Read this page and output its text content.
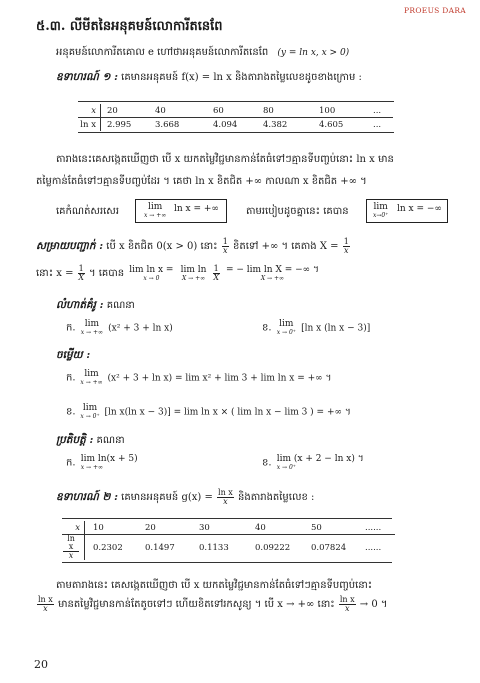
PROEUS DARA
៥.៣. លីមីតនៃអនុគមន៍លោការីតនេពែ
អនុគមន៍លោការីតគោល e ហៅថាអនុគមន៍លោការីតនេពែ (y = ln x, x > 0)
ឧទាហរណ៍ ១ : គេមានអនុគមន៍ f(x) = ln x និងតារាងតម្លៃលេខដូចខាងក្រោម :
x	20	40	60	80	100	...
ln x	2.995	3.668	4.094	4.382	4.605	...
តារាងនេះគេសង្កេតឃើញថា បើ x យកតម្លៃវិជ្ជមានកាន់តែធំទៅៗគ្មានទីបញ្ចប់នោះ ln x មាន
តម្លៃកាន់តែធំទៅៗគ្មានទីបញ្ចប់ដែរ ។ គេថា ln x ខិតជិត +∞ កាលណា x ខិតជិត +∞ ។
គេកំណត់សរសេរ	lim
x → +∞
ln x = +∞	តាមរបៀបដូចគ្នានេះ គេបាន	lim
x→0⁺
ln x = −∞
សម្រាយបញ្ជាក់ : បើ x ខិតជិត 0(x > 0) នោះ $\frac{1}{x}$ ខិតទៅ +∞ ។ គេតាង $X = \frac{1}{x}$
នោះ $x = \frac{1}{X}$ ។ គេបាន lim ln x =
x → 0

lim ln
X → +∞
$\frac{1}{X}$
= − lim ln X = −∞ ។
X → +∞
លំហាត់គំរូ : គណនា
ក.	lim
x → +∞ (x² + 3 + ln x)	ខ. lim
x → 0⁺ [ln x (ln x − 3)]
ចម្លើយ :
ក. lim
x → +∞ (x² + 3 + ln x) = lim x² + lim 3 + lim ln x = +∞ ។
ខ. lim
x → 0⁺ [ln x(ln x − 3)] = lim ln x × ( lim ln x − lim 3 ) = +∞ ។
ប្រតិបត្តិ : គណនា
ក. lim ln(x + 5)
x → +∞	ខ. lim (x + 2 − ln x) ។
x → 0⁺
ឧទាហរណ៍ ២ : គេមានអនុគមន៍ $g(x) = \frac{\text{ln x}}{x}$ និងតារាងតម្លៃលេខ :
x	10	20	30	40	50	......

$\frac{\text{ln x}}{x}$	0.2302	0.1497	0.1133	0.09222	0.07824	......
តាមតារាងនេះ គេសង្កេតឃើញថា បើ x យកតម្លៃវិជ្ជមានកាន់តែធំទៅៗគ្មានទីបញ្ចប់នោះ
$\frac{\text{ln x}}{x}$ មានតម្លៃវិជ្ជមានកាន់តែតូចទៅៗ ហើយខិតទៅរកសូន្យ ។ បើ x → +∞ នោះ $\frac{\text{ln x}}{x} \to 0$ ។
20
